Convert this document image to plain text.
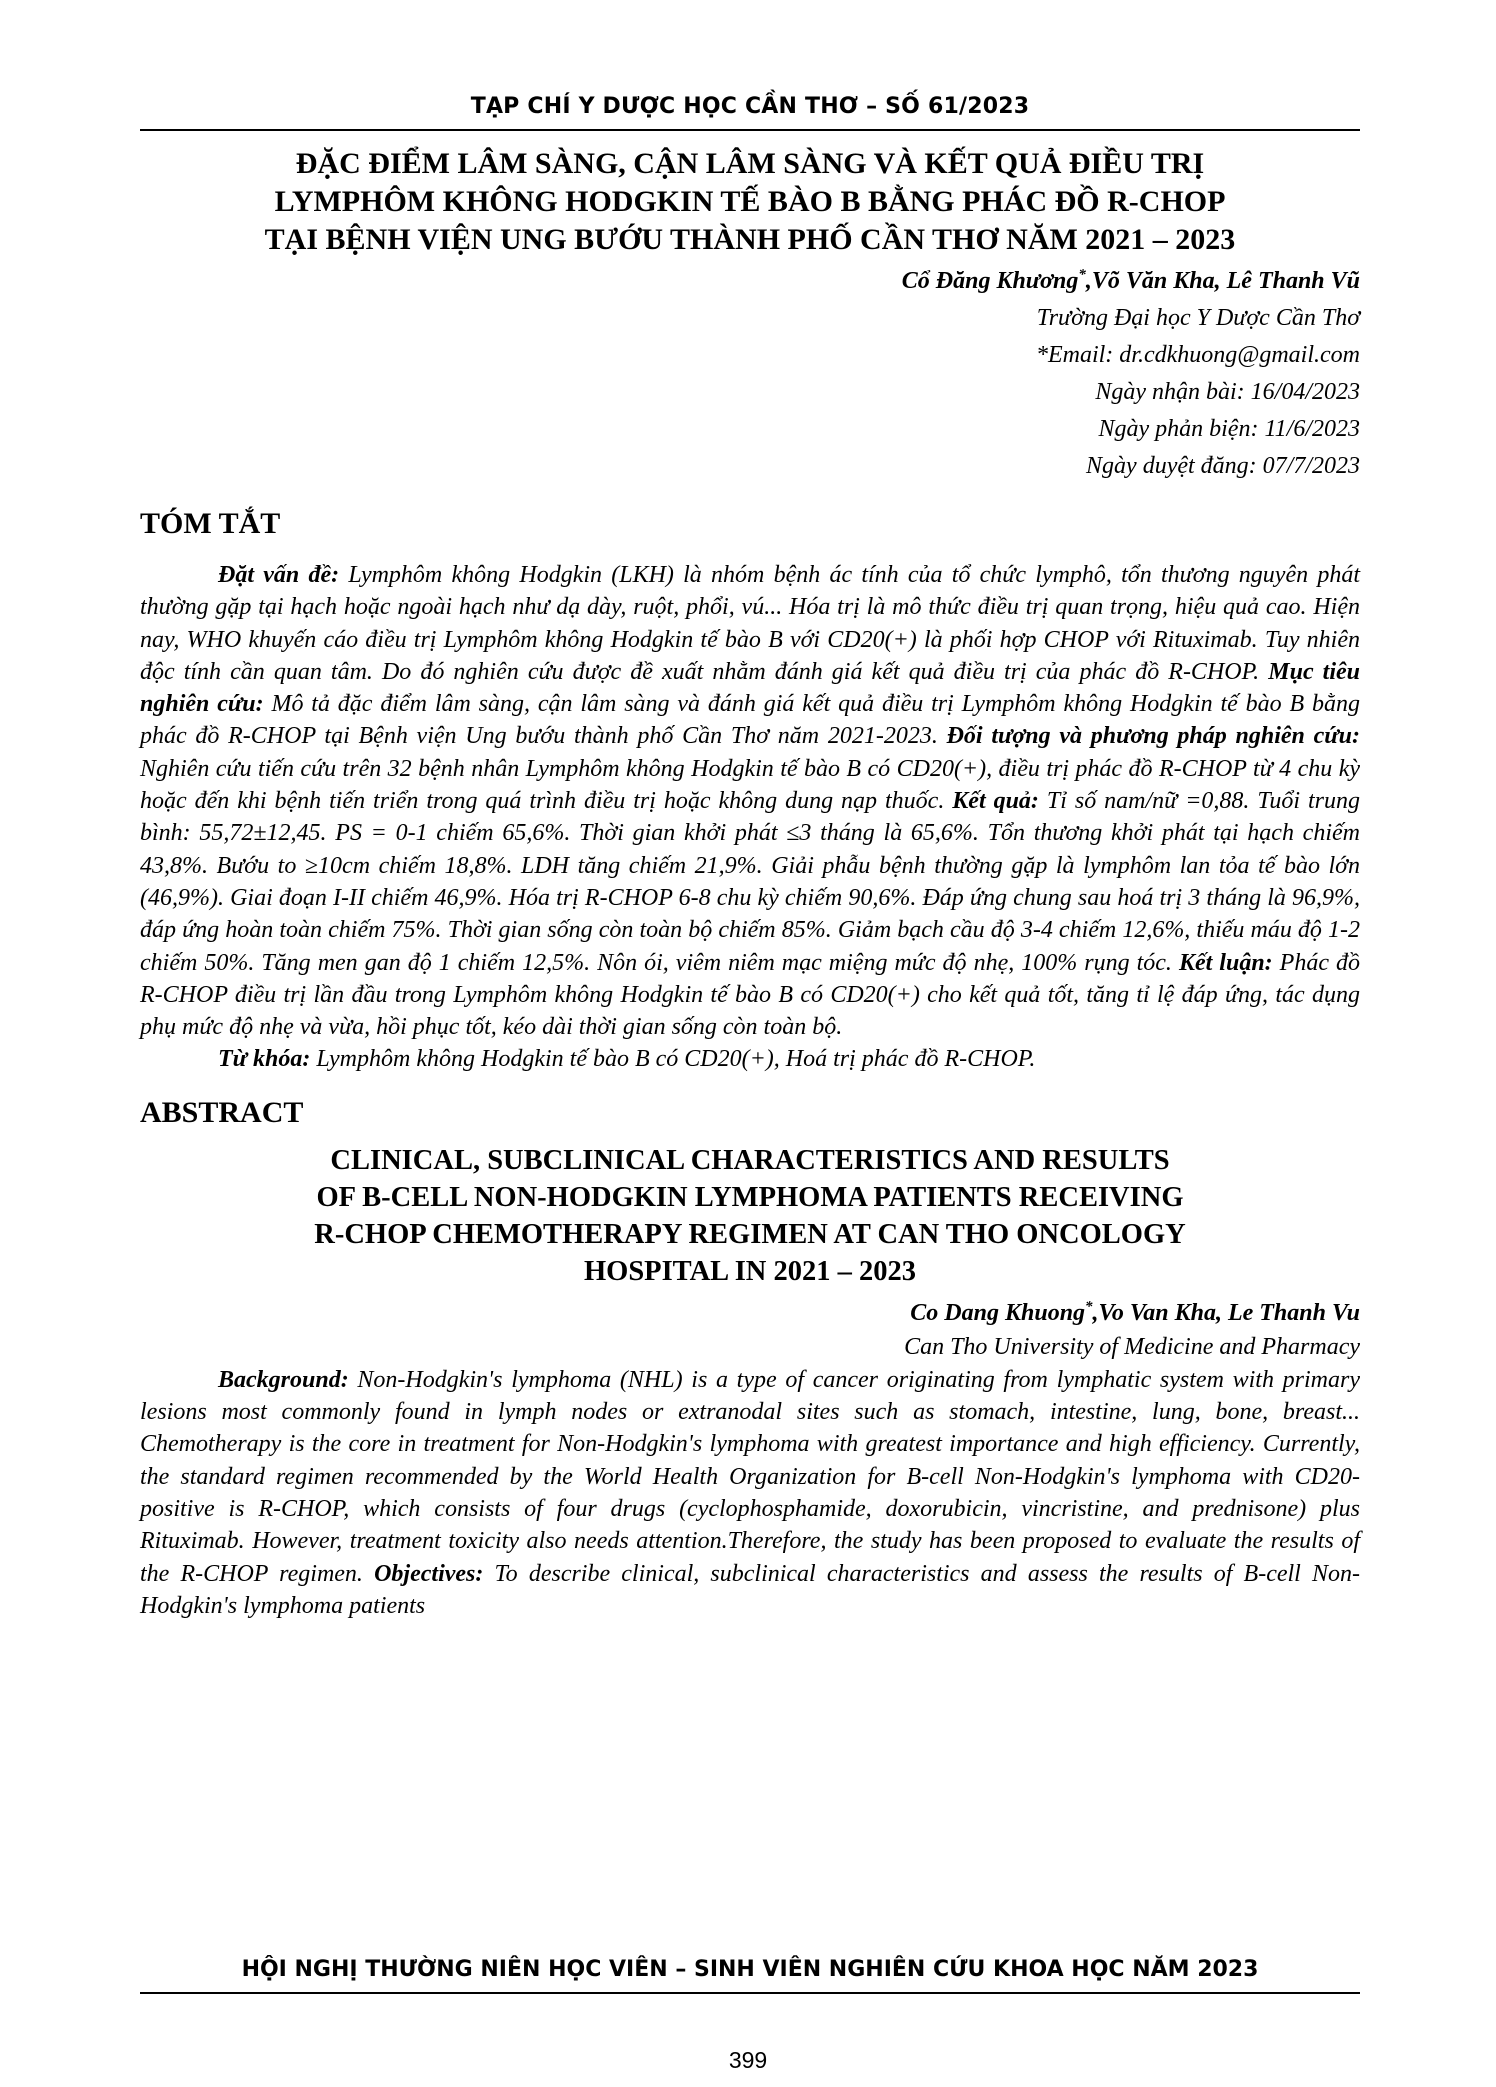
TẠP CHÍ Y DƯỢC HỌC CẦN THƠ – SỐ 61/2023
ĐẶC ĐIỂM LÂM SÀNG, CẬN LÂM SÀNG VÀ KẾT QUẢ ĐIỀU TRỊ
LYMPHÔM KHÔNG HODGKIN TẾ BÀO B BẰNG PHÁC ĐỒ R-CHOP
TẠI BỆNH VIỆN UNG BƯỚU THÀNH PHỐ CẦN THƠ NĂM 2021 – 2023
Cổ Đăng Khương*,Võ Văn Kha, Lê Thanh Vũ
Trường Đại học Y Dược Cần Thơ
*Email: dr.cdkhuong@gmail.com
Ngày nhận bài: 16/04/2023
Ngày phản biện: 11/6/2023
Ngày duyệt đăng: 07/7/2023
TÓM TẮT

Đặt vấn đề: Lymphôm không Hodgkin (LKH) là nhóm bệnh ác tính của tổ chức lymphô, tổn thương nguyên phát thường gặp tại hạch hoặc ngoài hạch như dạ dày, ruột, phổi, vú... Hóa trị là mô thức điều trị quan trọng, hiệu quả cao. Hiện nay, WHO khuyến cáo điều trị Lymphôm không Hodgkin tế bào B với CD20(+) là phối hợp CHOP với Rituximab. Tuy nhiên độc tính cần quan tâm. Do đó nghiên cứu được đề xuất nhằm đánh giá kết quả điều trị của phác đồ R-CHOP. Mục tiêu nghiên cứu: Mô tả đặc điểm lâm sàng, cận lâm sàng và đánh giá kết quả điều trị Lymphôm không Hodgkin tế bào B bằng phác đồ R-CHOP tại Bệnh viện Ung bướu thành phố Cần Thơ năm 2021-2023. Đối tượng và phương pháp nghiên cứu: Nghiên cứu tiến cứu trên 32 bệnh nhân Lymphôm không Hodgkin tế bào B có CD20(+), điều trị phác đồ R-CHOP từ 4 chu kỳ hoặc đến khi bệnh tiến triển trong quá trình điều trị hoặc không dung nạp thuốc. Kết quả: Tỉ số nam/nữ =0,88. Tuổi trung bình: 55,72±12,45. PS = 0-1 chiếm 65,6%. Thời gian khởi phát ≤3 tháng là 65,6%. Tổn thương khởi phát tại hạch chiếm 43,8%. Bướu to ≥10cm chiếm 18,8%. LDH tăng chiếm 21,9%. Giải phẫu bệnh thường gặp là lymphôm lan tỏa tế bào lớn (46,9%). Giai đoạn I-II chiếm 46,9%. Hóa trị R-CHOP 6-8 chu kỳ chiếm 90,6%. Đáp ứng chung sau hoá trị 3 tháng là 96,9%, đáp ứng hoàn toàn chiếm 75%. Thời gian sống còn toàn bộ chiếm 85%. Giảm bạch cầu độ 3-4 chiếm 12,6%, thiếu máu độ 1-2 chiếm 50%. Tăng men gan độ 1 chiếm 12,5%. Nôn ói, viêm niêm mạc miệng mức độ nhẹ, 100% rụng tóc. Kết luận: Phác đồ R-CHOP điều trị lần đầu trong Lymphôm không Hodgkin tế bào B có CD20(+) cho kết quả tốt, tăng tỉ lệ đáp ứng, tác dụng phụ mức độ nhẹ và vừa, hồi phục tốt, kéo dài thời gian sống còn toàn bộ.

Từ khóa: Lymphôm không Hodgkin tế bào B có CD20(+), Hoá trị phác đồ R-CHOP.

ABSTRACT
CLINICAL, SUBCLINICAL CHARACTERISTICS AND RESULTS
OF B-CELL NON-HODGKIN LYMPHOMA PATIENTS RECEIVING
R-CHOP CHEMOTHERAPY REGIMEN AT CAN THO ONCOLOGY
HOSPITAL IN 2021 – 2023
Co Dang Khuong*,Vo Van Kha, Le Thanh Vu
Can Tho University of Medicine and Pharmacy

Background: Non-Hodgkin's lymphoma (NHL) is a type of cancer originating from lymphatic system with primary lesions most commonly found in lymph nodes or extranodal sites such as stomach, intestine, lung, bone, breast... Chemotherapy is the core in treatment for Non-Hodgkin's lymphoma with greatest importance and high efficiency. Currently, the standard regimen recommended by the World Health Organization for B-cell Non-Hodgkin's lymphoma with CD20-positive is R-CHOP, which consists of four drugs (cyclophosphamide, doxorubicin, vincristine, and prednisone) plus Rituximab. However, treatment toxicity also needs attention.Therefore, the study has been proposed to evaluate the results of the R-CHOP regimen. Objectives: To describe clinical, subclinical characteristics and assess the results of B-cell Non-Hodgkin's lymphoma patients

HỘI NGHỊ THƯỜNG NIÊN HỌC VIÊN – SINH VIÊN NGHIÊN CỨU KHOA HỌC NĂM 2023
399
